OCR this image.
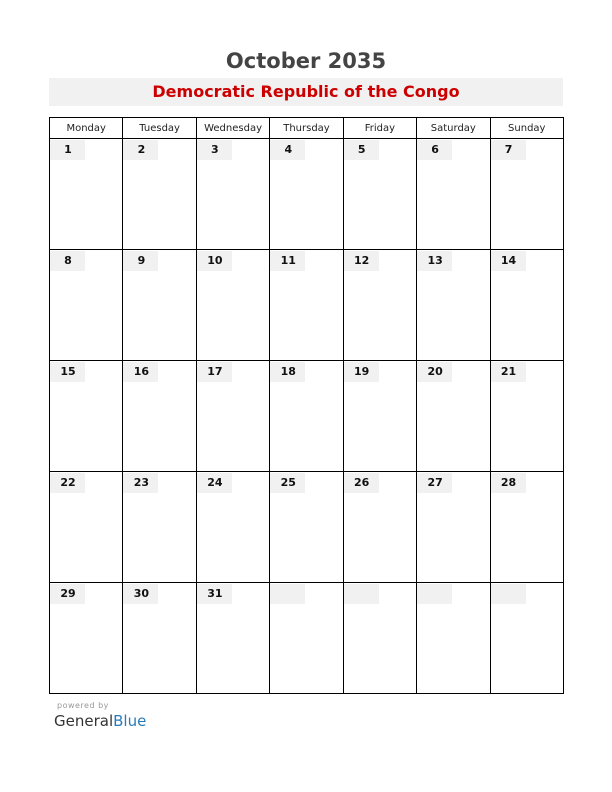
October 2035
Democratic Republic of the Congo
Monday	Tuesday	Wednesday	Thursday	Friday	Saturday	Sunday

1	2	3	4	5	6	7

8	9	10	11	12	13	14

15	16	17	18	19	20	21

22	23	24	25	26	27	28

29	30	31				

powered by
GeneralBlue
